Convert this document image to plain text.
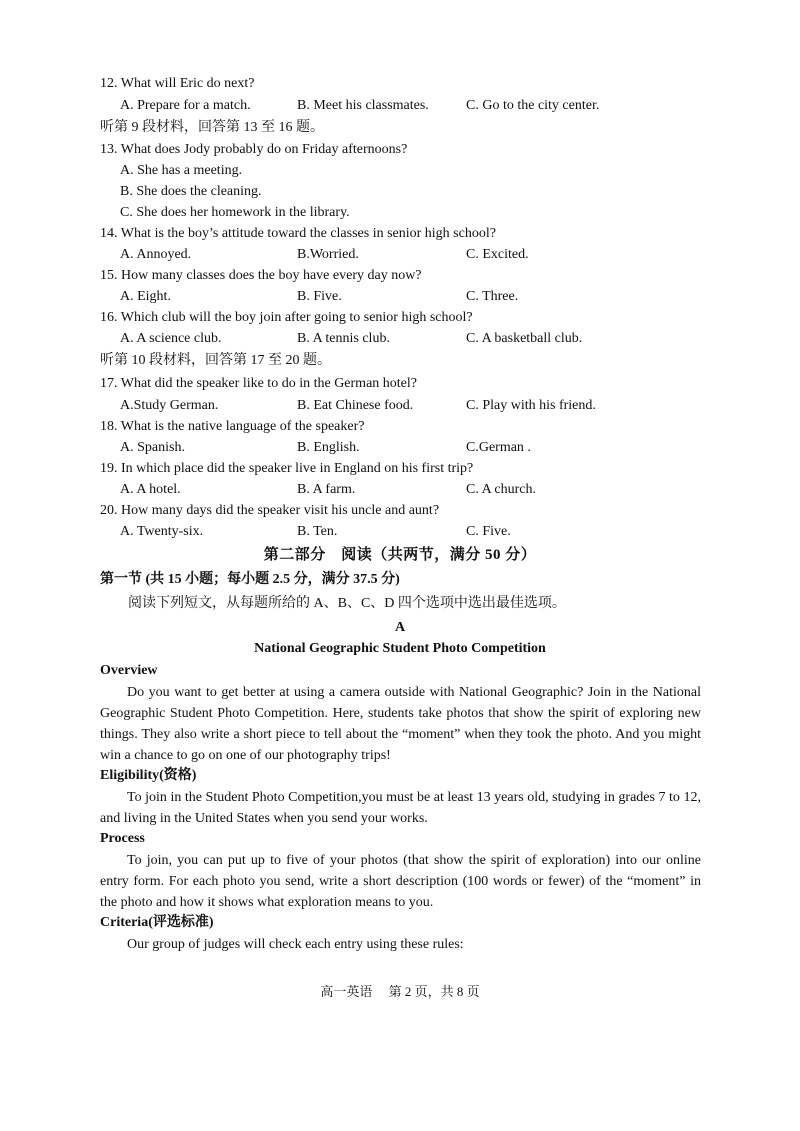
12. What will Eric do next?
A. Prepare for a match.	B. Meet his classmates.	C. Go to the city center.
听第 9 段材料，回答第 13 至 16 题。
13. What does Jody probably do on Friday afternoons?
A. She has a meeting.
B. She does the cleaning.
C. She does her homework in the library.
14. What is the boy’s attitude toward the classes in senior high school?
A. Annoyed.	B.Worried.	C. Excited.
15. How many classes does the boy have every day now?
A. Eight.	B. Five.	C. Three.
16. Which club will the boy join after going to senior high school?
A. A science club.	B. A tennis club.	C. A basketball club.
听第 10 段材料，回答第 17 至 20 题。
17. What did the speaker like to do in the German hotel?
A.Study German.	B. Eat Chinese food.	C. Play with his friend.
18. What is the native language of the speaker?
A. Spanish.	B. English.	C.German .
19. In which place did the speaker live in England on his first trip?
A. A hotel.	B. A farm.	C. A church.
20. How many days did the speaker visit his uncle and aunt?
A. Twenty-six.	B. Ten.	C. Five.
第二部分　阅读（共两节，满分 50 分）
第一节 (共 15 小题；每小题 2.5 分，满分 37.5 分)
阅读下列短文，从每题所给的 A、B、C、D 四个选项中选出最佳选项。
A
National Geographic Student Photo Competition
Overview
Do you want to get better at using a camera outside with National Geographic? Join in the National Geographic Student Photo Competition. Here, students take photos that show the spirit of exploring new things. They also write a short piece to tell about the “moment” when they took the photo. And you might win a chance to go on one of our photography trips!
Eligibility(资格)
To join in the Student Photo Competition,you must be at least 13 years old, studying in grades 7 to 12, and living in the United States when you send your works.
Process
To join, you can put up to five of your photos (that show the spirit of exploration) into our online entry form. For each photo you send, write a short description (100 words or fewer) of the “moment” in the photo and how it shows what exploration means to you.
Criteria(评选标准)
Our group of judges will check each entry using these rules:
高一英语　 第 2 页，共 8 页
